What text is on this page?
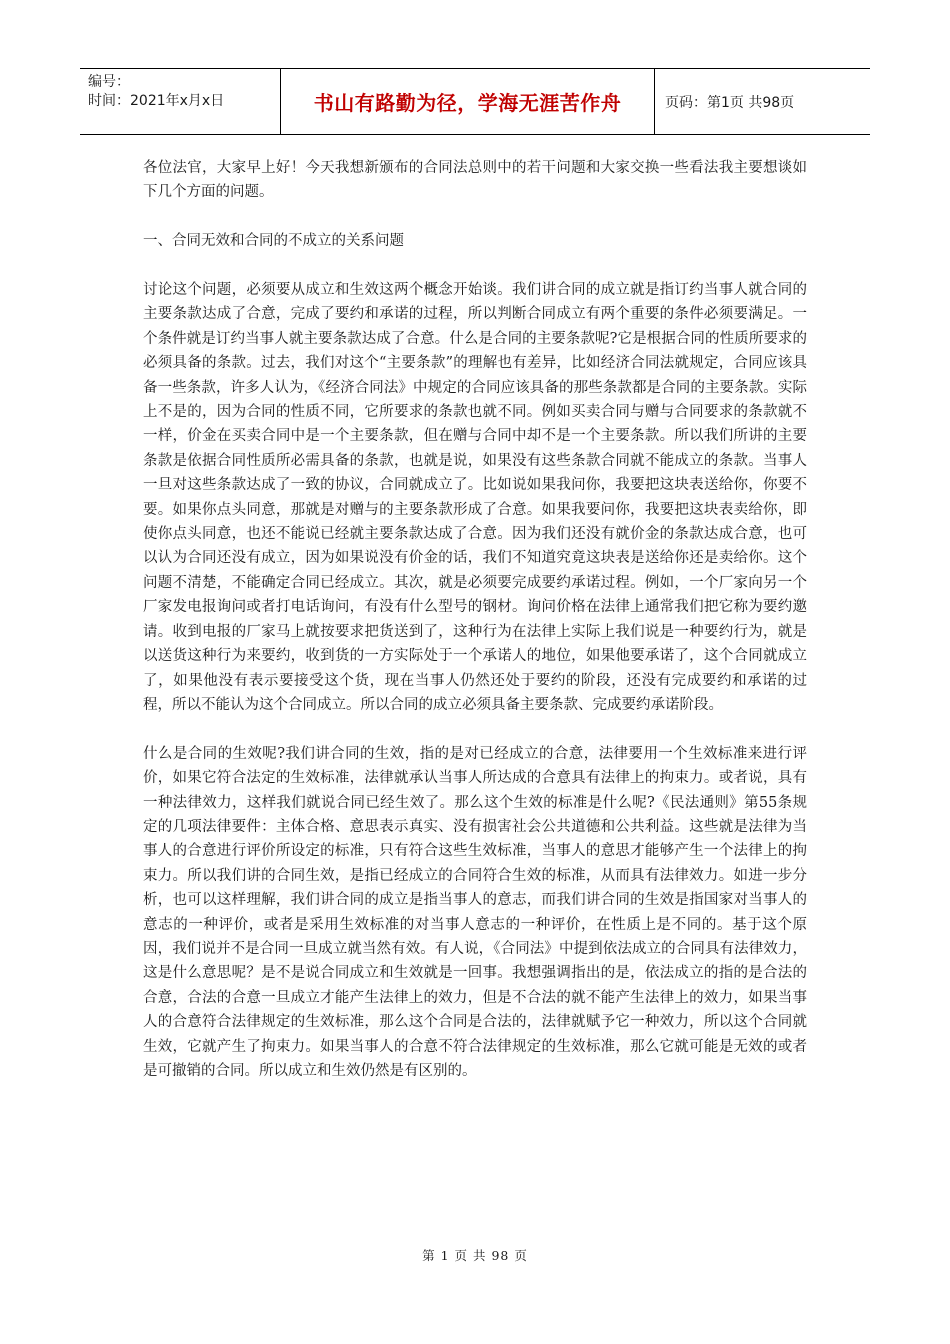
编号：
时间：2021年x月x日	书山有路勤为径，学海无涯苦作舟	页码：第1页 共98页

各位法官，大家早上好！今天我想新颁布的合同法总则中的若干问题和大家交换一些看法我主要想谈如下几个方面的问题。

一、合同无效和合同的不成立的关系问题

讨论这个问题，必须要从成立和生效这两个概念开始谈。我们讲合同的成立就是指订约当事人就合同的主要条款达成了合意，完成了要约和承诺的过程，所以判断合同成立有两个重要的条件必须要满足。一个条件就是订约当事人就主要条款达成了合意。什么是合同的主要条款呢?它是根据合同的性质所要求的必须具备的条款。过去，我们对这个“主要条款”的理解也有差异，比如经济合同法就规定，合同应该具备一些条款，许多人认为，《经济合同法》中规定的合同应该具备的那些条款都是合同的主要条款。实际上不是的，因为合同的性质不同，它所要求的条款也就不同。例如买卖合同与赠与合同要求的条款就不一样，价金在买卖合同中是一个主要条款，但在赠与合同中却不是一个主要条款。所以我们所讲的主要条款是依据合同性质所必需具备的条款，也就是说，如果没有这些条款合同就不能成立的条款。当事人一旦对这些条款达成了一致的协议，合同就成立了。比如说如果我问你，我要把这块表送给你，你要不要。如果你点头同意，那就是对赠与的主要条款形成了合意。如果我要问你，我要把这块表卖给你，即使你点头同意，也还不能说已经就主要条款达成了合意。因为我们还没有就价金的条款达成合意，也可以认为合同还没有成立，因为如果说没有价金的话，我们不知道究竟这块表是送给你还是卖给你。这个问题不清楚，不能确定合同已经成立。其次，就是必须要完成要约承诺过程。例如，一个厂家向另一个厂家发电报询问或者打电话询问，有没有什么型号的钢材。询问价格在法律上通常我们把它称为要约邀请。收到电报的厂家马上就按要求把货送到了，这种行为在法律上实际上我们说是一种要约行为，就是以送货这种行为来要约，收到货的一方实际处于一个承诺人的地位，如果他要承诺了，这个合同就成立了，如果他没有表示要接受这个货，现在当事人仍然还处于要约的阶段，还没有完成要约和承诺的过程，所以不能认为这个合同成立。所以合同的成立必须具备主要条款、完成要约承诺阶段。

什么是合同的生效呢?我们讲合同的生效，指的是对已经成立的合意，法律要用一个生效标准来进行评价，如果它符合法定的生效标准，法律就承认当事人所达成的合意具有法律上的拘束力。或者说，具有一种法律效力，这样我们就说合同已经生效了。那么这个生效的标准是什么呢?《民法通则》第55条规定的几项法律要件：主体合格、意思表示真实、没有损害社会公共道德和公共利益。这些就是法律为当事人的合意进行评价所设定的标准，只有符合这些生效标准，当事人的意思才能够产生一个法律上的拘束力。所以我们讲的合同生效，是指已经成立的合同符合生效的标准，从而具有法律效力。如进一步分析，也可以这样理解，我们讲合同的成立是指当事人的意志，而我们讲合同的生效是指国家对当事人的意志的一种评价，或者是采用生效标准的对当事人意志的一种评价，在性质上是不同的。基于这个原因，我们说并不是合同一旦成立就当然有效。有人说，《合同法》中提到依法成立的合同具有法律效力，这是什么意思呢？是不是说合同成立和生效就是一回事。我想强调指出的是，依法成立的指的是合法的合意，合法的合意一旦成立才能产生法律上的效力，但是不合法的就不能产生法律上的效力，如果当事人的合意符合法律规定的生效标准，那么这个合同是合法的，法律就赋予它一种效力，所以这个合同就生效，它就产生了拘束力。如果当事人的合意不符合法律规定的生效标准，那么它就可能是无效的或者是可撤销的合同。所以成立和生效仍然是有区别的。

第 1 页 共 98 页
